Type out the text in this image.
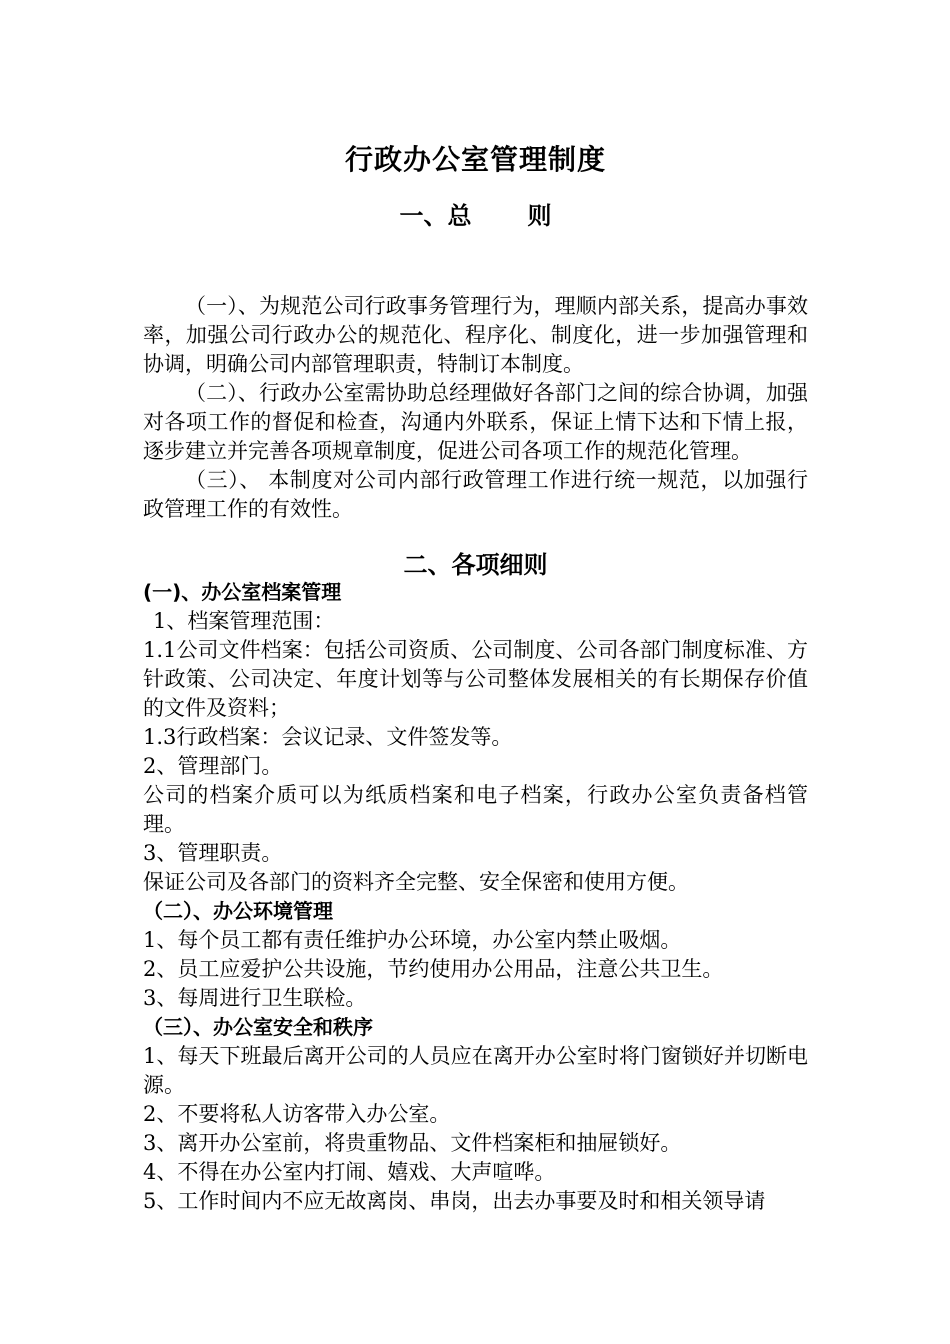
行政办公室管理制度
一、总 则

（一）、为规范公司行政事务管理行为，理顺内部关系，提高办事效率，加强公司行政办公的规范化、程序化、制度化，进一步加强管理和协调，明确公司内部管理职责，特制订本制度。

（二）、行政办公室需协助总经理做好各部门之间的综合协调，加强对各项工作的督促和检查，沟通内外联系，保证上情下达和下情上报，逐步建立并完善各项规章制度，促进公司各项工作的规范化管理。

（三）、 本制度对公司内部行政管理工作进行统一规范，以加强行政管理工作的有效性。

二、各项细则

(一)、办公室档案管理

1、档案管理范围：

1.1公司文件档案：包括公司资质、公司制度、公司各部门制度标准、方针政策、公司决定、年度计划等与公司整体发展相关的有长期保存价值的文件及资料；

1.3行政档案：会议记录、文件签发等。

2、管理部门。

公司的档案介质可以为纸质档案和电子档案，行政办公室负责备档管理。

3、管理职责。

保证公司及各部门的资料齐全完整、安全保密和使用方便。

（二）、办公环境管理

1、每个员工都有责任维护办公环境，办公室内禁止吸烟。

2、员工应爱护公共设施，节约使用办公用品，注意公共卫生。

3、每周进行卫生联检。

（三）、办公室安全和秩序

1、每天下班最后离开公司的人员应在离开办公室时将门窗锁好并切断电源。

2、不要将私人访客带入办公室。

3、离开办公室前，将贵重物品、文件档案柜和抽屉锁好。

4、不得在办公室内打闹、嬉戏、大声喧哗。

5、工作时间内不应无故离岗、串岗，出去办事要及时和相关领导请
